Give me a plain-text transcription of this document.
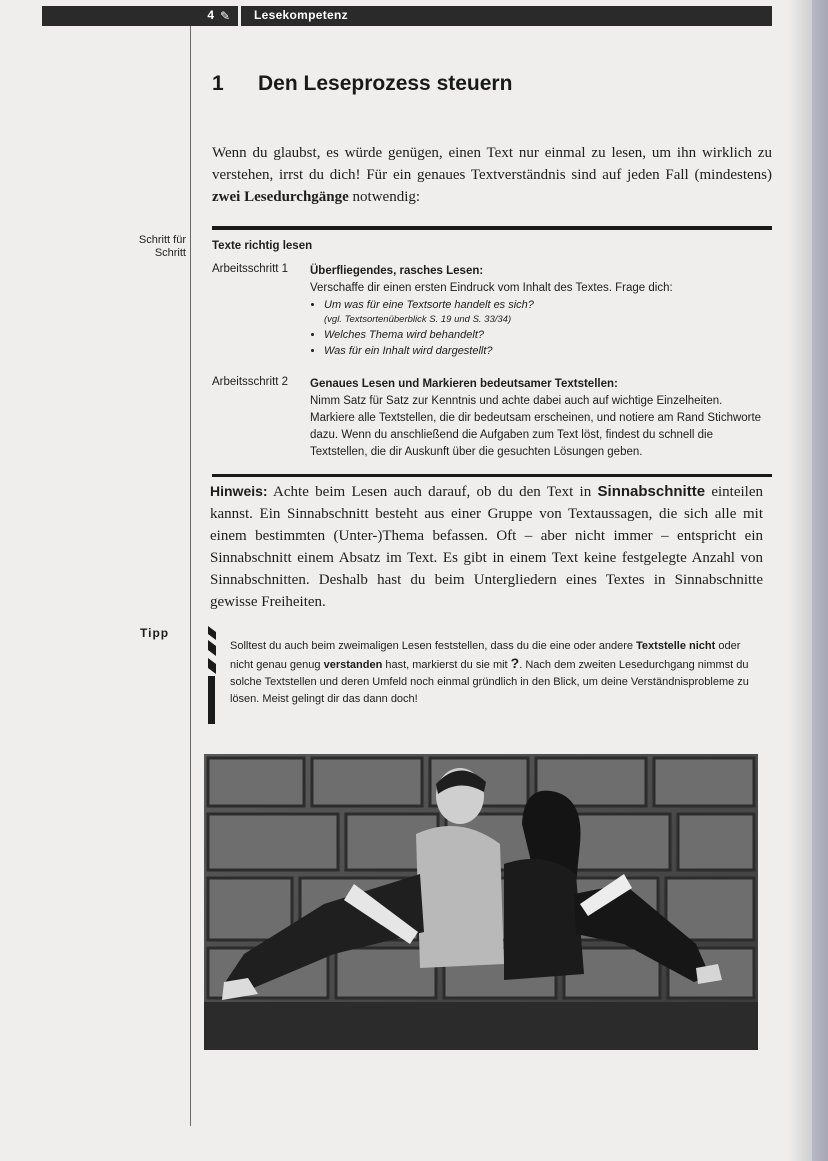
4 ✎ Lesekompetenz
1 Den Leseprozess steuern
Wenn du glaubst, es würde genügen, einen Text nur einmal zu lesen, um ihn wirklich zu verstehen, irrst du dich! Für ein genaues Textverständnis sind auf jeden Fall (mindestens) zwei Lesedurchgänge notwendig:
Schritt für Schritt
Texte richtig lesen
Arbeitsschritt 1 Überfliegendes, rasches Lesen:
Verschaffe dir einen ersten Eindruck vom Inhalt des Textes. Frage dich:
• Um was für eine Textsorte handelt es sich?
(vgl. Textsortenüberblick S. 19 und S. 33/34)
• Welches Thema wird behandelt?
• Was für ein Inhalt wird dargestellt?
Arbeitsschritt 2 Genaues Lesen und Markieren bedeutsamer Textstellen:
Nimm Satz für Satz zur Kenntnis und achte dabei auch auf wichtige Einzelheiten. Markiere alle Textstellen, die dir bedeutsam erscheinen, und notiere am Rand Stichworte dazu. Wenn du anschließend die Aufgaben zum Text löst, findest du schnell die Textstellen, die dir Auskunft über die gesuchten Lösungen geben.
Hinweis: Achte beim Lesen auch darauf, ob du den Text in Sinnabschnitte einteilen kannst. Ein Sinnabschnitt besteht aus einer Gruppe von Textaussagen, die sich alle mit einem bestimmten (Unter-)Thema befassen. Oft – aber nicht immer – entspricht ein Sinnabschnitt einem Absatz im Text. Es gibt in einem Text keine festgelegte Anzahl von Sinnabschnitten. Deshalb hast du beim Untergliedern eines Textes in Sinnabschnitte gewisse Freiheiten.
Tipp
Solltest du auch beim zweimaligen Lesen feststellen, dass du die eine oder andere Textstelle nicht oder nicht genau genug verstanden hast, markierst du sie mit ?. Nach dem zweiten Lesedurchgang nimmst du solche Textstellen und deren Umfeld noch einmal gründlich in den Blick, um deine Verständnisprobleme zu lösen. Meist gelingt dir das dann doch!
